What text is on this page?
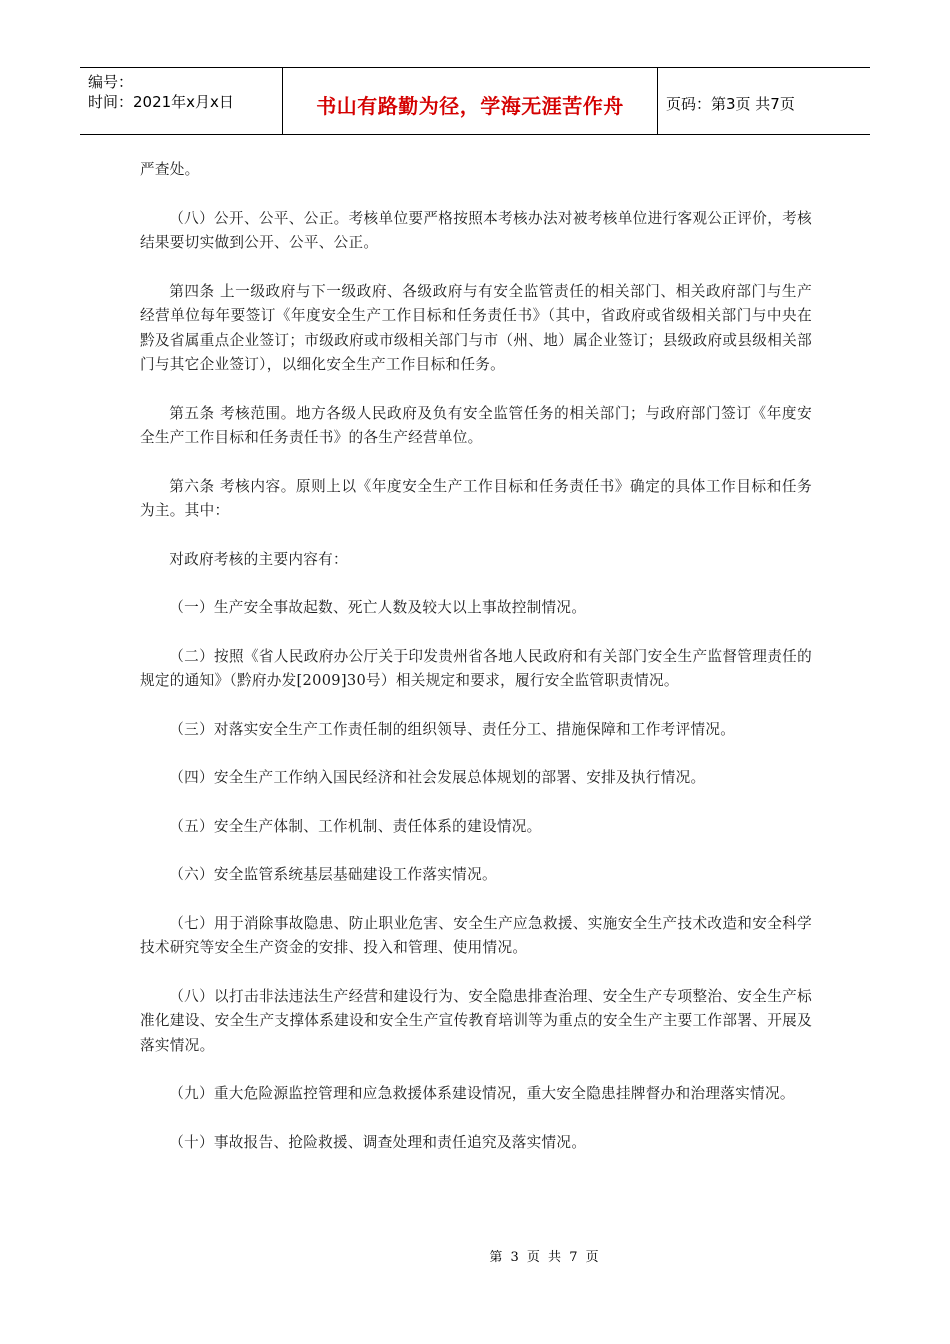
编号：
时间：2021年x月x日	书山有路勤为径，学海无涯苦作舟	页码：第3页 共7页

严查处。

（八）公开、公平、公正。考核单位要严格按照本考核办法对被考核单位进行客观公正评价，考核结果要切实做到公开、公平、公正。

第四条 上一级政府与下一级政府、各级政府与有安全监管责任的相关部门、相关政府部门与生产经营单位每年要签订《年度安全生产工作目标和任务责任书》（其中，省政府或省级相关部门与中央在黔及省属重点企业签订；市级政府或市级相关部门与市（州、地）属企业签订；县级政府或县级相关部门与其它企业签订），以细化安全生产工作目标和任务。

第五条 考核范围。地方各级人民政府及负有安全监管任务的相关部门；与政府部门签订《年度安全生产工作目标和任务责任书》的各生产经营单位。

第六条 考核内容。原则上以《年度安全生产工作目标和任务责任书》确定的具体工作目标和任务为主。其中：

对政府考核的主要内容有：

（一）生产安全事故起数、死亡人数及较大以上事故控制情况。

（二）按照《省人民政府办公厅关于印发贵州省各地人民政府和有关部门安全生产监督管理责任的规定的通知》（黔府办发[2009]30号）相关规定和要求，履行安全监管职责情况。

（三）对落实安全生产工作责任制的组织领导、责任分工、措施保障和工作考评情况。

（四）安全生产工作纳入国民经济和社会发展总体规划的部署、安排及执行情况。

（五）安全生产体制、工作机制、责任体系的建设情况。

（六）安全监管系统基层基础建设工作落实情况。

（七）用于消除事故隐患、防止职业危害、安全生产应急救援、实施安全生产技术改造和安全科学技术研究等安全生产资金的安排、投入和管理、使用情况。

（八）以打击非法违法生产经营和建设行为、安全隐患排查治理、安全生产专项整治、安全生产标准化建设、安全生产支撑体系建设和安全生产宣传教育培训等为重点的安全生产主要工作部署、开展及落实情况。

（九）重大危险源监控管理和应急救援体系建设情况，重大安全隐患挂牌督办和治理落实情况。

（十）事故报告、抢险救援、调查处理和责任追究及落实情况。

第 3 页 共 7 页
